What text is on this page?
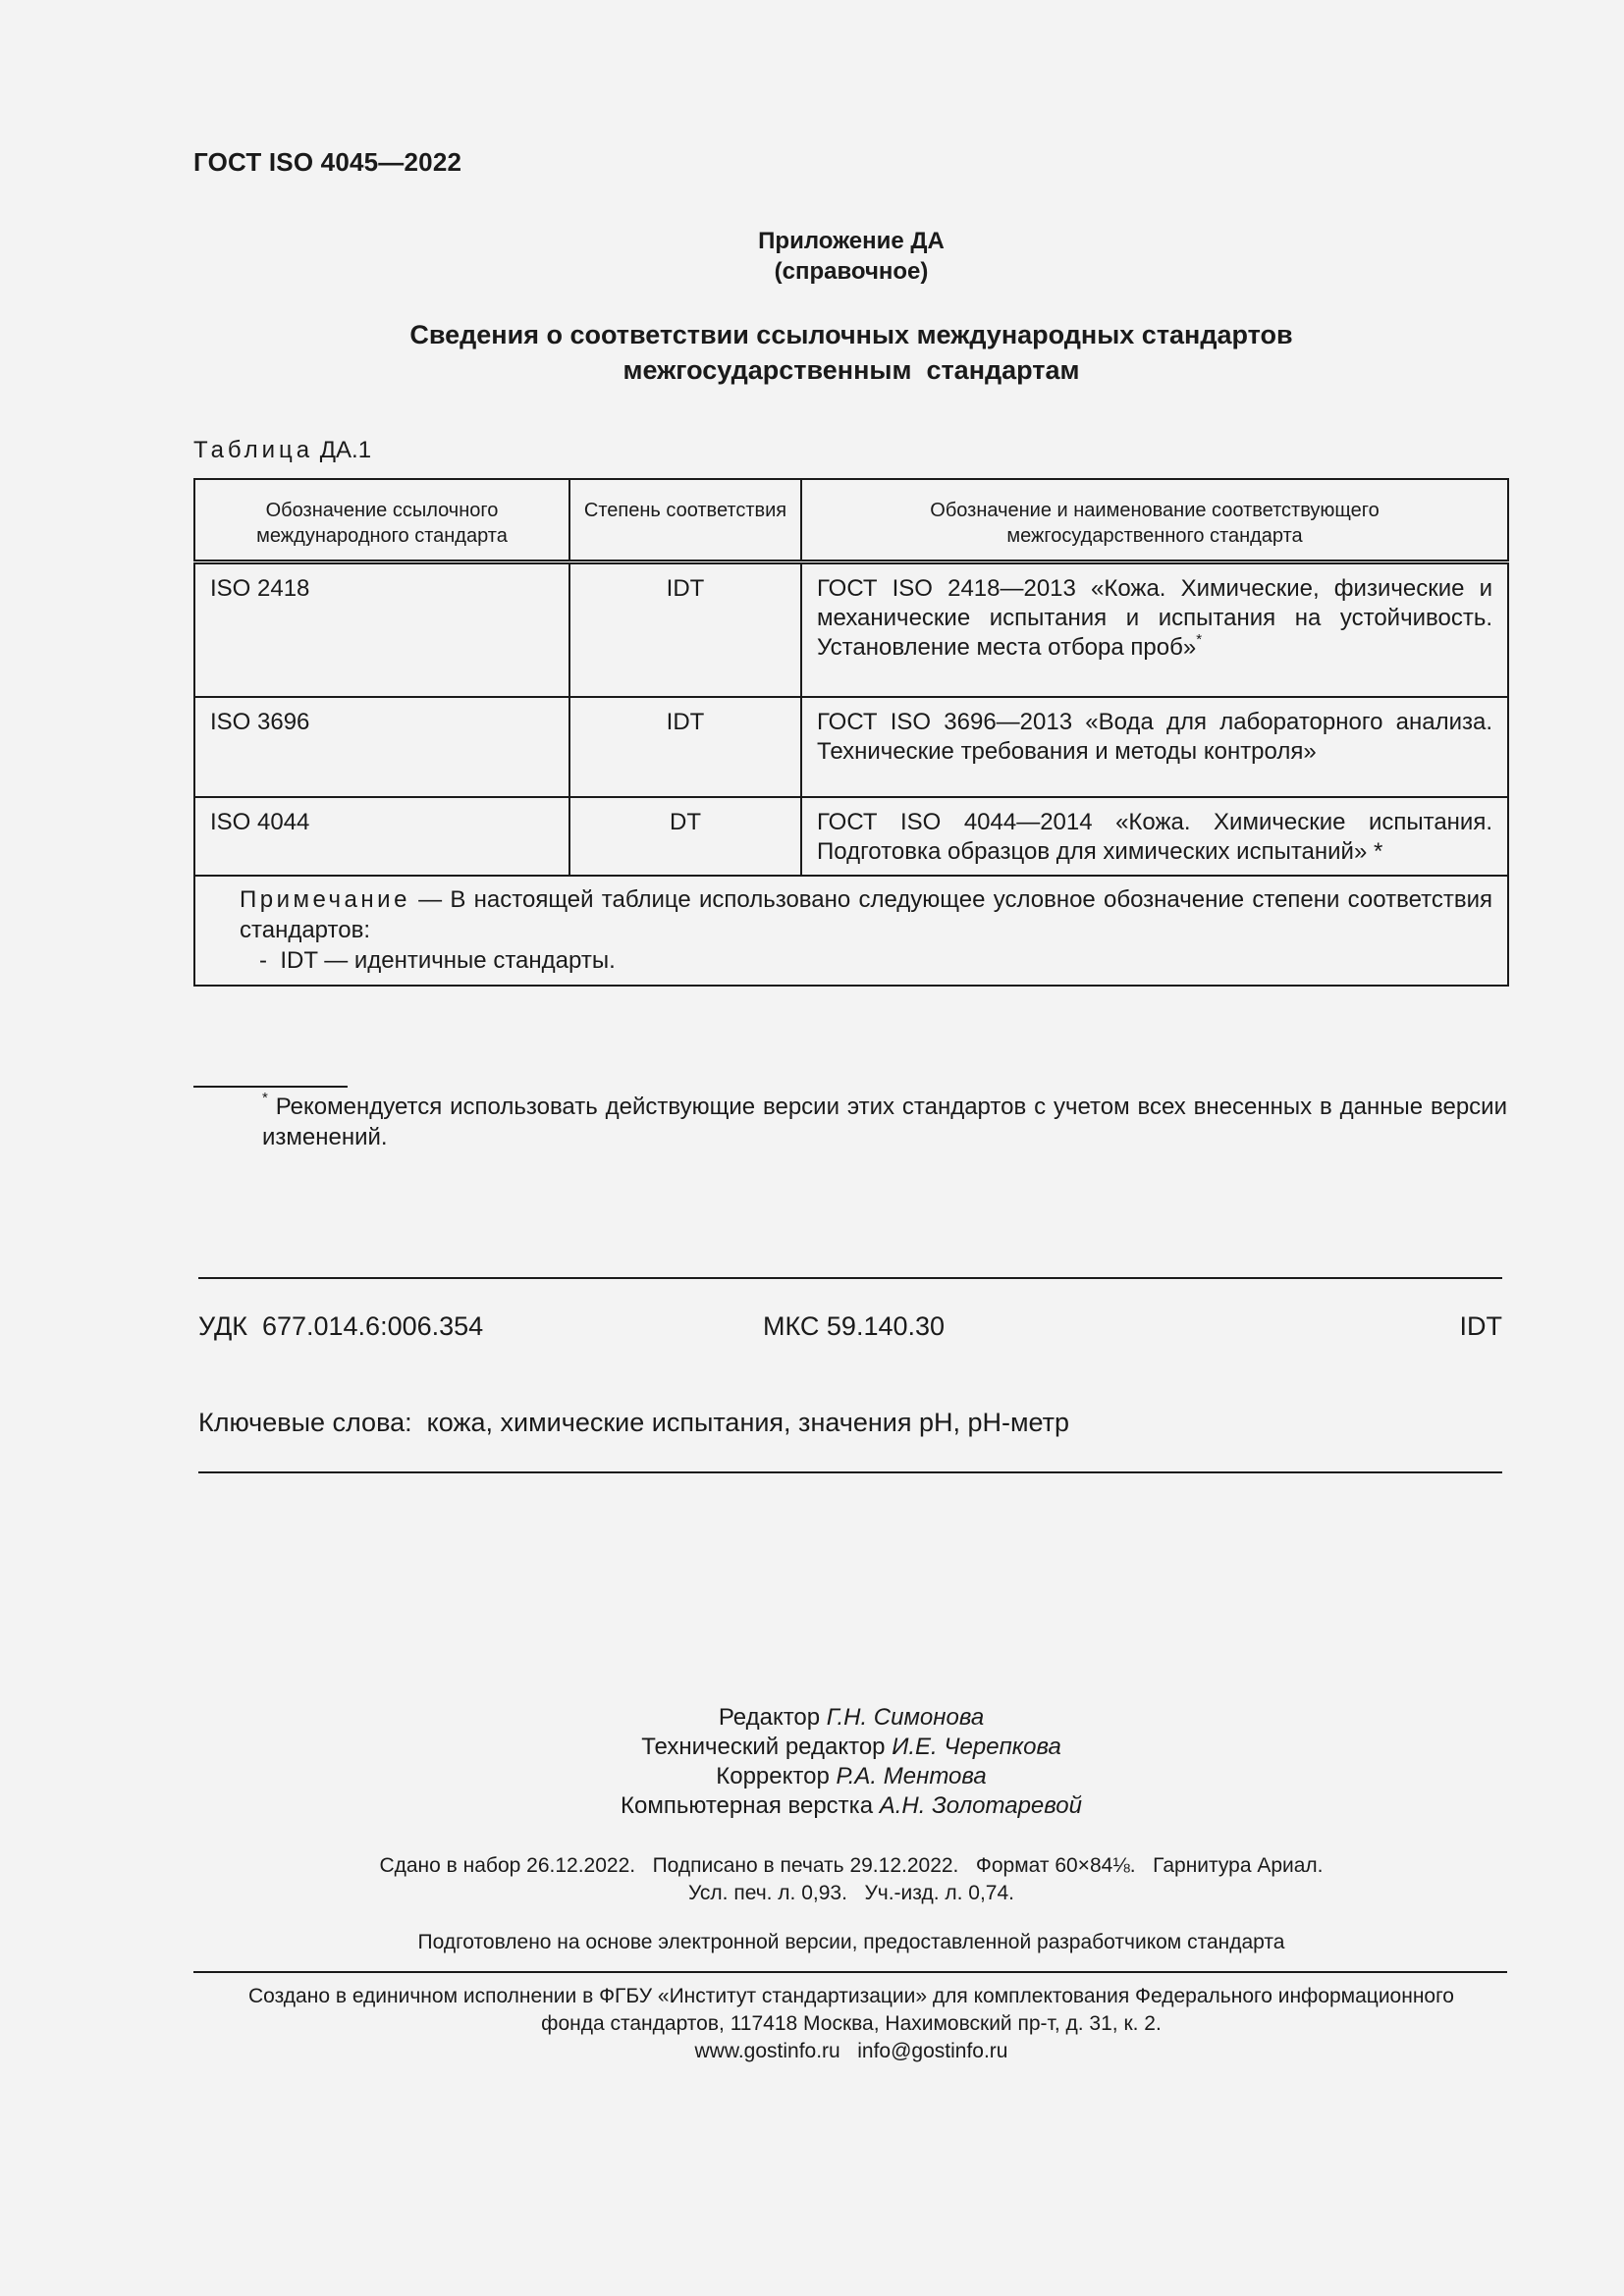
ГОСТ ISO 4045—2022
Приложение ДА
(справочное)
Сведения о соответствии ссылочных международных стандартов
межгосударственным  стандартам
Таблица ДА.1
Обозначение ссылочного международного стандарта	Степень соответствия	Обозначение и наименование соответствующего межгосударственного стандарта
ISO 2418	IDT	ГОСТ ISO 2418—2013 «Кожа. Химические, физические и механические испытания и испытания на устойчивость. Установление места отбора проб»*
ISO 3696	IDT	ГОСТ ISO 3696—2013 «Вода для лабораторного анализа. Технические требования и методы контроля»
ISO 4044	DT	ГОСТ ISO 4044—2014 «Кожа. Химические испытания. Подготовка образцов для химических испытаний» *

Примечание — В настоящей таблице использовано следующее условное обозначение степени соответствия стандартов:
-  IDT — идентичные стандарты.		
* Рекомендуется использовать действующие версии этих стандартов с учетом всех внесенных в данные версии изменений.
УДК  677.014.6:006.354	МКС 59.140.30	IDT
Ключевые слова:  кожа, химические испытания, значения pH, pH-метр
Редактор Г.Н. Симонова
Технический редактор И.Е. Черепкова
Корректор Р.А. Ментова
Компьютерная верстка А.Н. Золотаревой
Сдано в набор 26.12.2022.   Подписано в печать 29.12.2022.   Формат 60×84⅛.   Гарнитура Ариал.
Усл. печ. л. 0,93.   Уч.-изд. л. 0,74.
Подготовлено на основе электронной версии, предоставленной разработчиком стандарта
Создано в единичном исполнении в ФГБУ «Институт стандартизации» для комплектования Федерального информационного
фонда стандартов, 117418 Москва, Нахимовский пр-т, д. 31, к. 2.
www.gostinfo.ru info@gostinfo.ru
